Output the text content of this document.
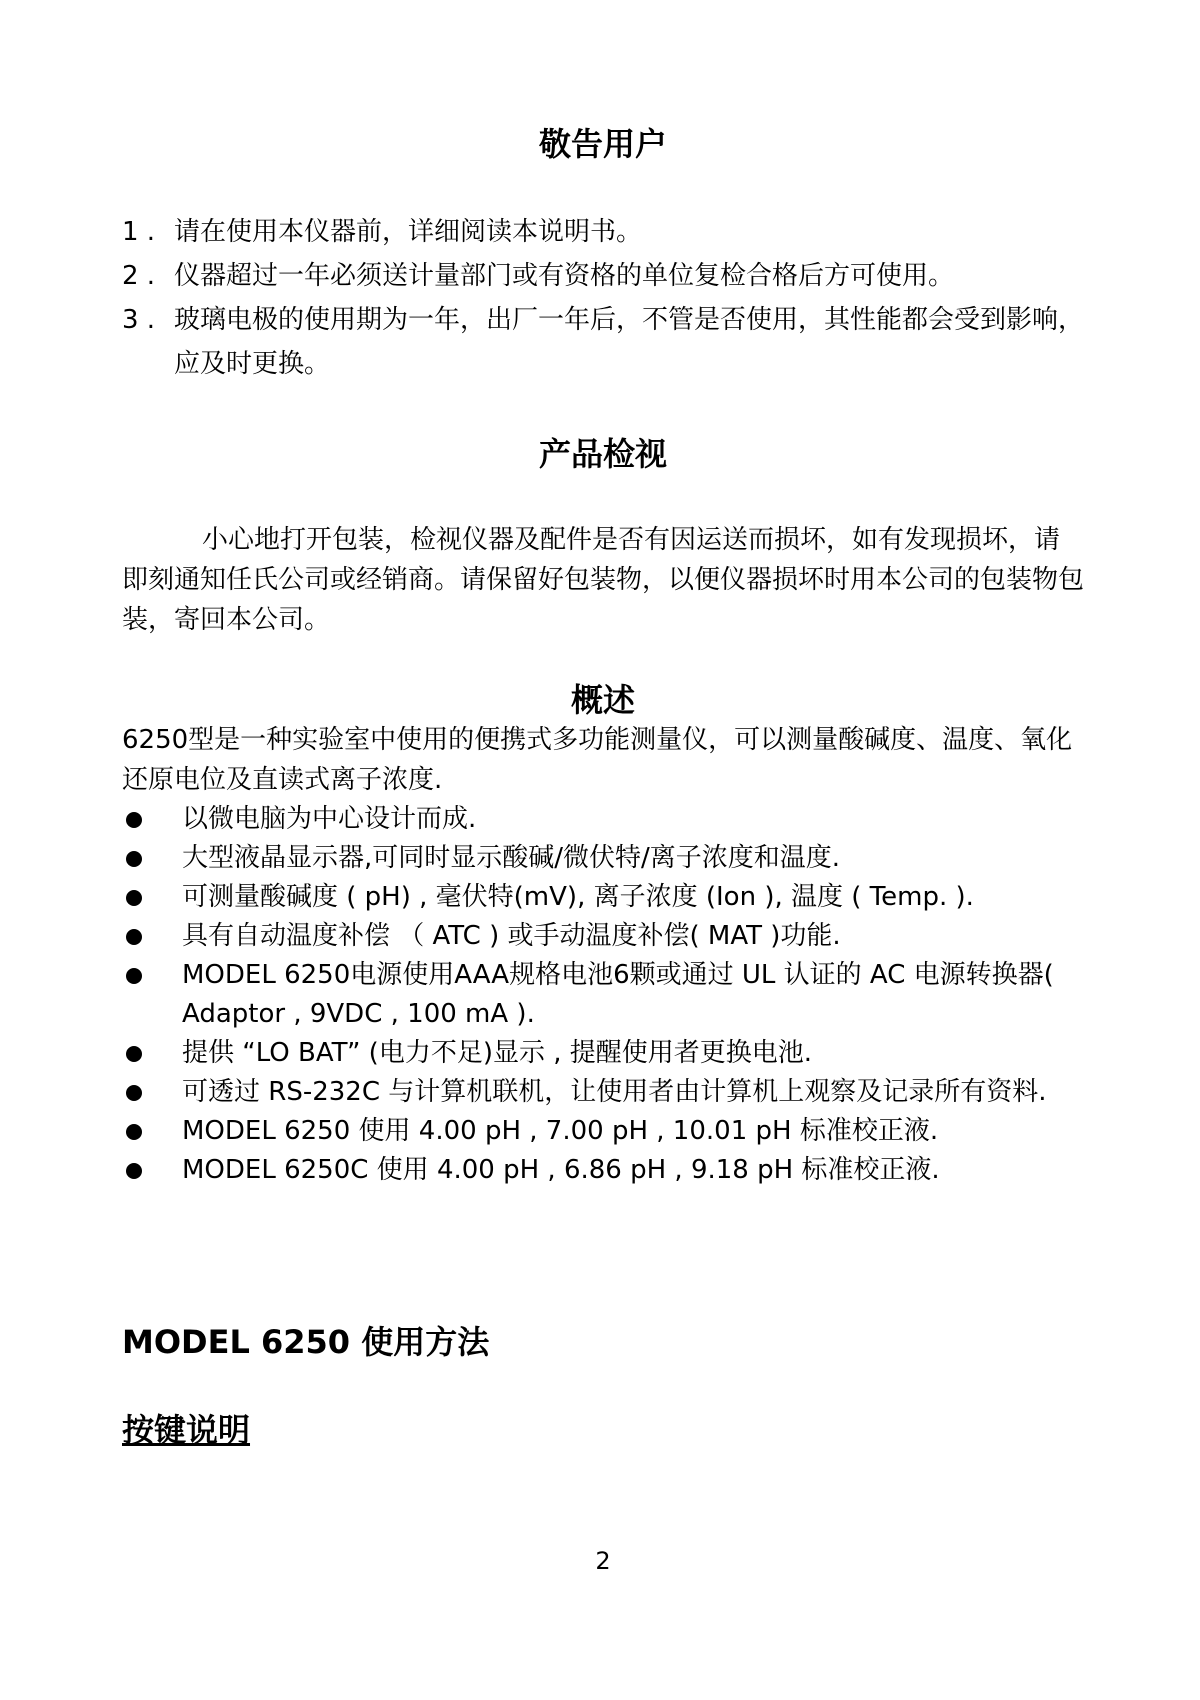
敬告用户
1 . 请在使用本仪器前，详细阅读本说明书。
2 . 仪器超过一年必须送计量部门或有资格的单位复检合格后方可使用。
3 . 玻璃电极的使用期为一年，出厂一年后，不管是否使用，其性能都会受到影响，应及时更换。
产品检视

小心地打开包装，检视仪器及配件是否有因运送而损坏，如有发现损坏，请即刻通知任氏公司或经销商。请保留好包装物，以便仪器损坏时用本公司的包装物包装，寄回本公司。

概述

6250型是一种实验室中使用的便携式多功能测量仪，可以测量酸碱度、温度、氧化还原电位及直读式离子浓度.

以微电脑为中心设计而成.
大型液晶显示器,可同时显示酸碱/微伏特/离子浓度和温度.
可测量酸碱度 ( pH) , 毫伏特(mV), 离子浓度 (Ion ), 温度 ( Temp. ).
具有自动温度补偿 （ ATC ) 或手动温度补偿( MAT )功能.
MODEL 6250电源使用AAA规格电池6颗或通过 UL 认证的 AC 电源转换器( Adaptor , 9VDC , 100 mA ).
提供 “LO BAT” (电力不足)显示 , 提醒使用者更换电池.
可透过 RS-232C 与计算机联机，让使用者由计算机上观察及记录所有资料.
MODEL 6250 使用 4.00 pH , 7.00 pH , 10.01 pH 标准校正液.
MODEL 6250C 使用 4.00 pH , 6.86 pH , 9.18 pH 标准校正液.
MODEL 6250 使用方法
按键说明
2
